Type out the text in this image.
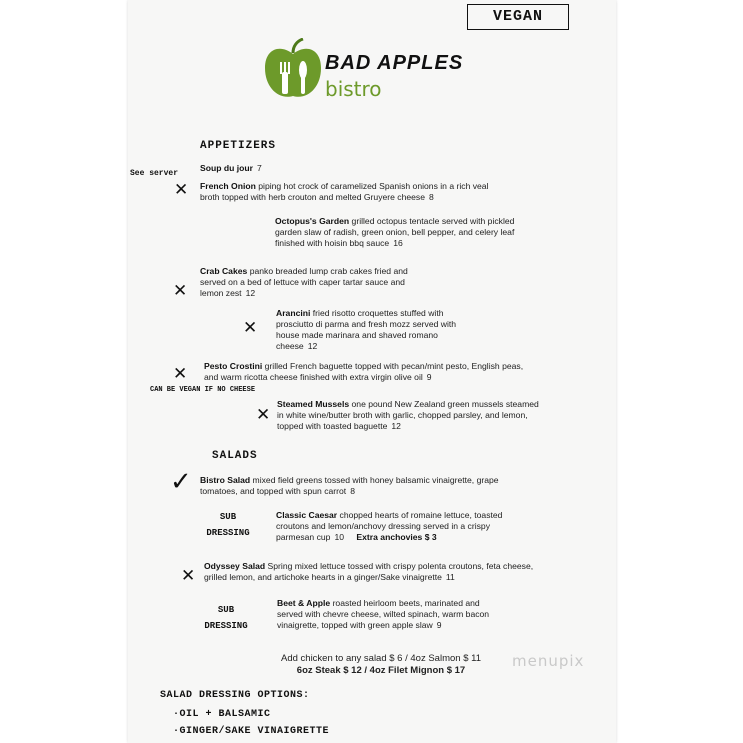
VEGAN
BAD APPLES
bistro
APPETIZERS
See server
Soup du jour 7
✕ French Onion piping hot crock of caramelized Spanish onions in a rich veal broth topped with herb crouton and melted Gruyere cheese 8
Octopus's Garden grilled octopus tentacle served with pickled garden slaw of radish, green onion, bell pepper, and celery leaf finished with hoisin bbq sauce 16
✕
Crab Cakes panko breaded lump crab cakes fried and served on a bed of lettuce with caper tartar sauce and lemon zest 12
✕
Arancini fried risotto croquettes stuffed with prosciutto di parma and fresh mozz served with house made marinara and shaved romano cheese 12
✕ Pesto Crostini grilled French baguette topped with pecan/mint pesto, English peas, and warm ricotta cheese finished with extra virgin olive oil 9
CAN BE VEGAN IF NO CHEESE
✕
Steamed Mussels one pound New Zealand green mussels steamed in white wine/butter broth with garlic, chopped parsley, and lemon, topped with toasted baguette 12
SALADS
✓ Bistro Salad mixed field greens tossed with honey balsamic vinaigrette, grape tomatoes, and topped with spun carrot 8
SUB DRESSING
Classic Caesar chopped hearts of romaine lettuce, toasted croutons and lemon/anchovy dressing served in a crispy parmesan cup 10 Extra anchovies $ 3
✕ Odyssey Salad Spring mixed lettuce tossed with crispy polenta croutons, feta cheese, grilled lemon, and artichoke hearts in a ginger/Sake vinaigrette 11
SUB DRESSING
Beet & Apple roasted heirloom beets, marinated and served with chevre cheese, wilted spinach, warm bacon vinaigrette, topped with green apple slaw 9
Add chicken to any salad $ 6 / 4oz Salmon $ 11
6oz Steak $ 12 / 4oz Filet Mignon $ 17
menupix
SALAD DRESSING OPTIONS:
·OIL + BALSAMIC
·GINGER/SAKE VINAIGRETTE
